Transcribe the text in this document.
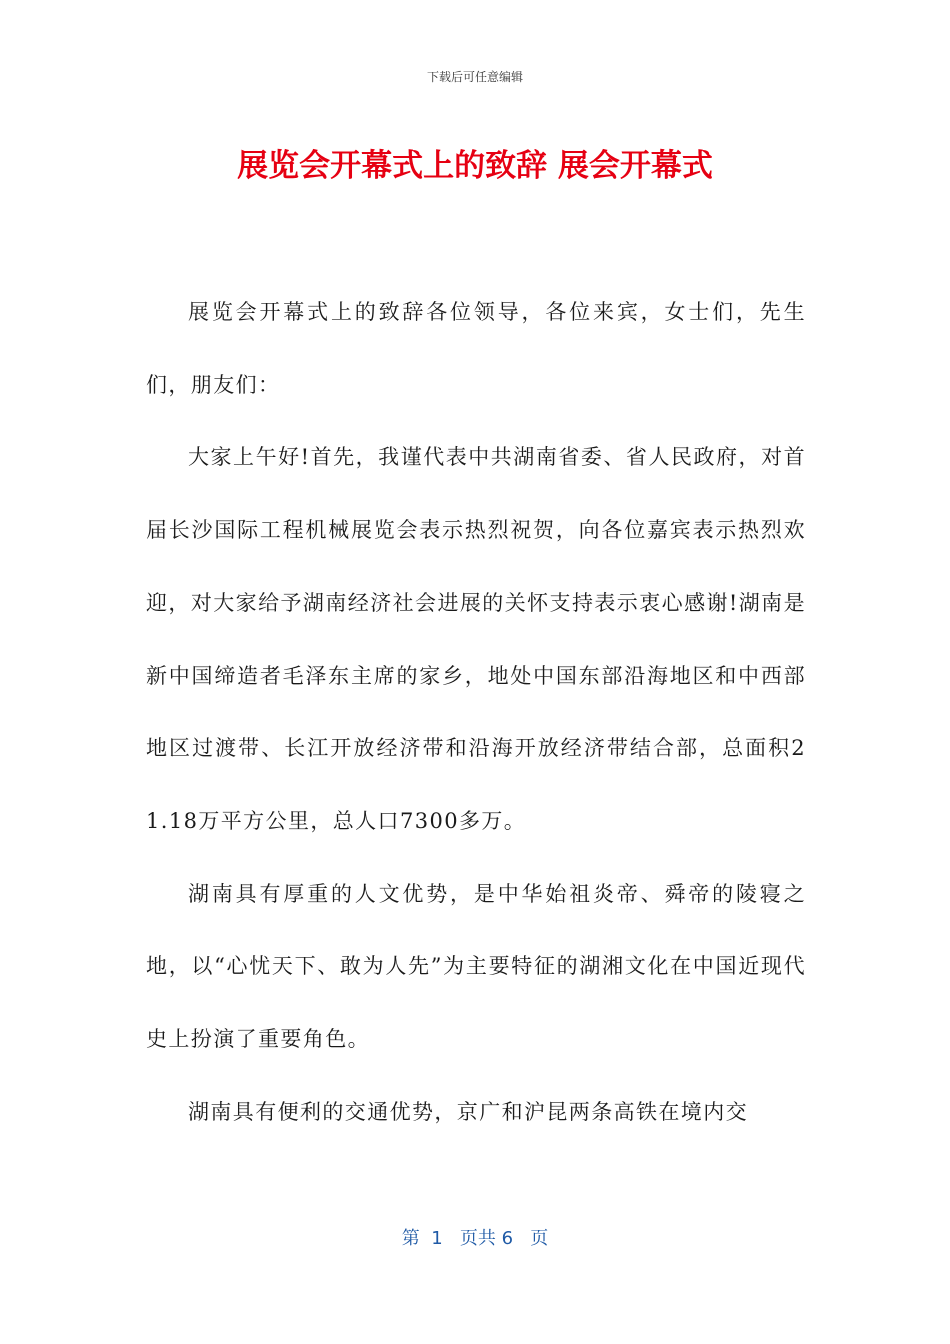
下载后可任意编辑
展览会开幕式上的致辞 展会开幕式

展览会开幕式上的致辞各位领导，各位来宾，女士们，先生们，朋友们：

大家上午好!首先，我谨代表中共湖南省委、省人民政府，对首届长沙国际工程机械展览会表示热烈祝贺，向各位嘉宾表示热烈欢迎，对大家给予湖南经济社会进展的关怀支持表示衷心感谢!湖南是新中国缔造者毛泽东主席的家乡，地处中国东部沿海地区和中西部地区过渡带、长江开放经济带和沿海开放经济带结合部，总面积21.18万平方公里，总人口7300多万。

湖南具有厚重的人文优势，是中华始祖炎帝、舜帝的陵寝之地，以“心忧天下、敢为人先”为主要特征的湖湘文化在中国近现代史上扮演了重要角色。

湖南具有便利的交通优势，京广和沪昆两条高铁在境内交

第  1   页共 6   页
